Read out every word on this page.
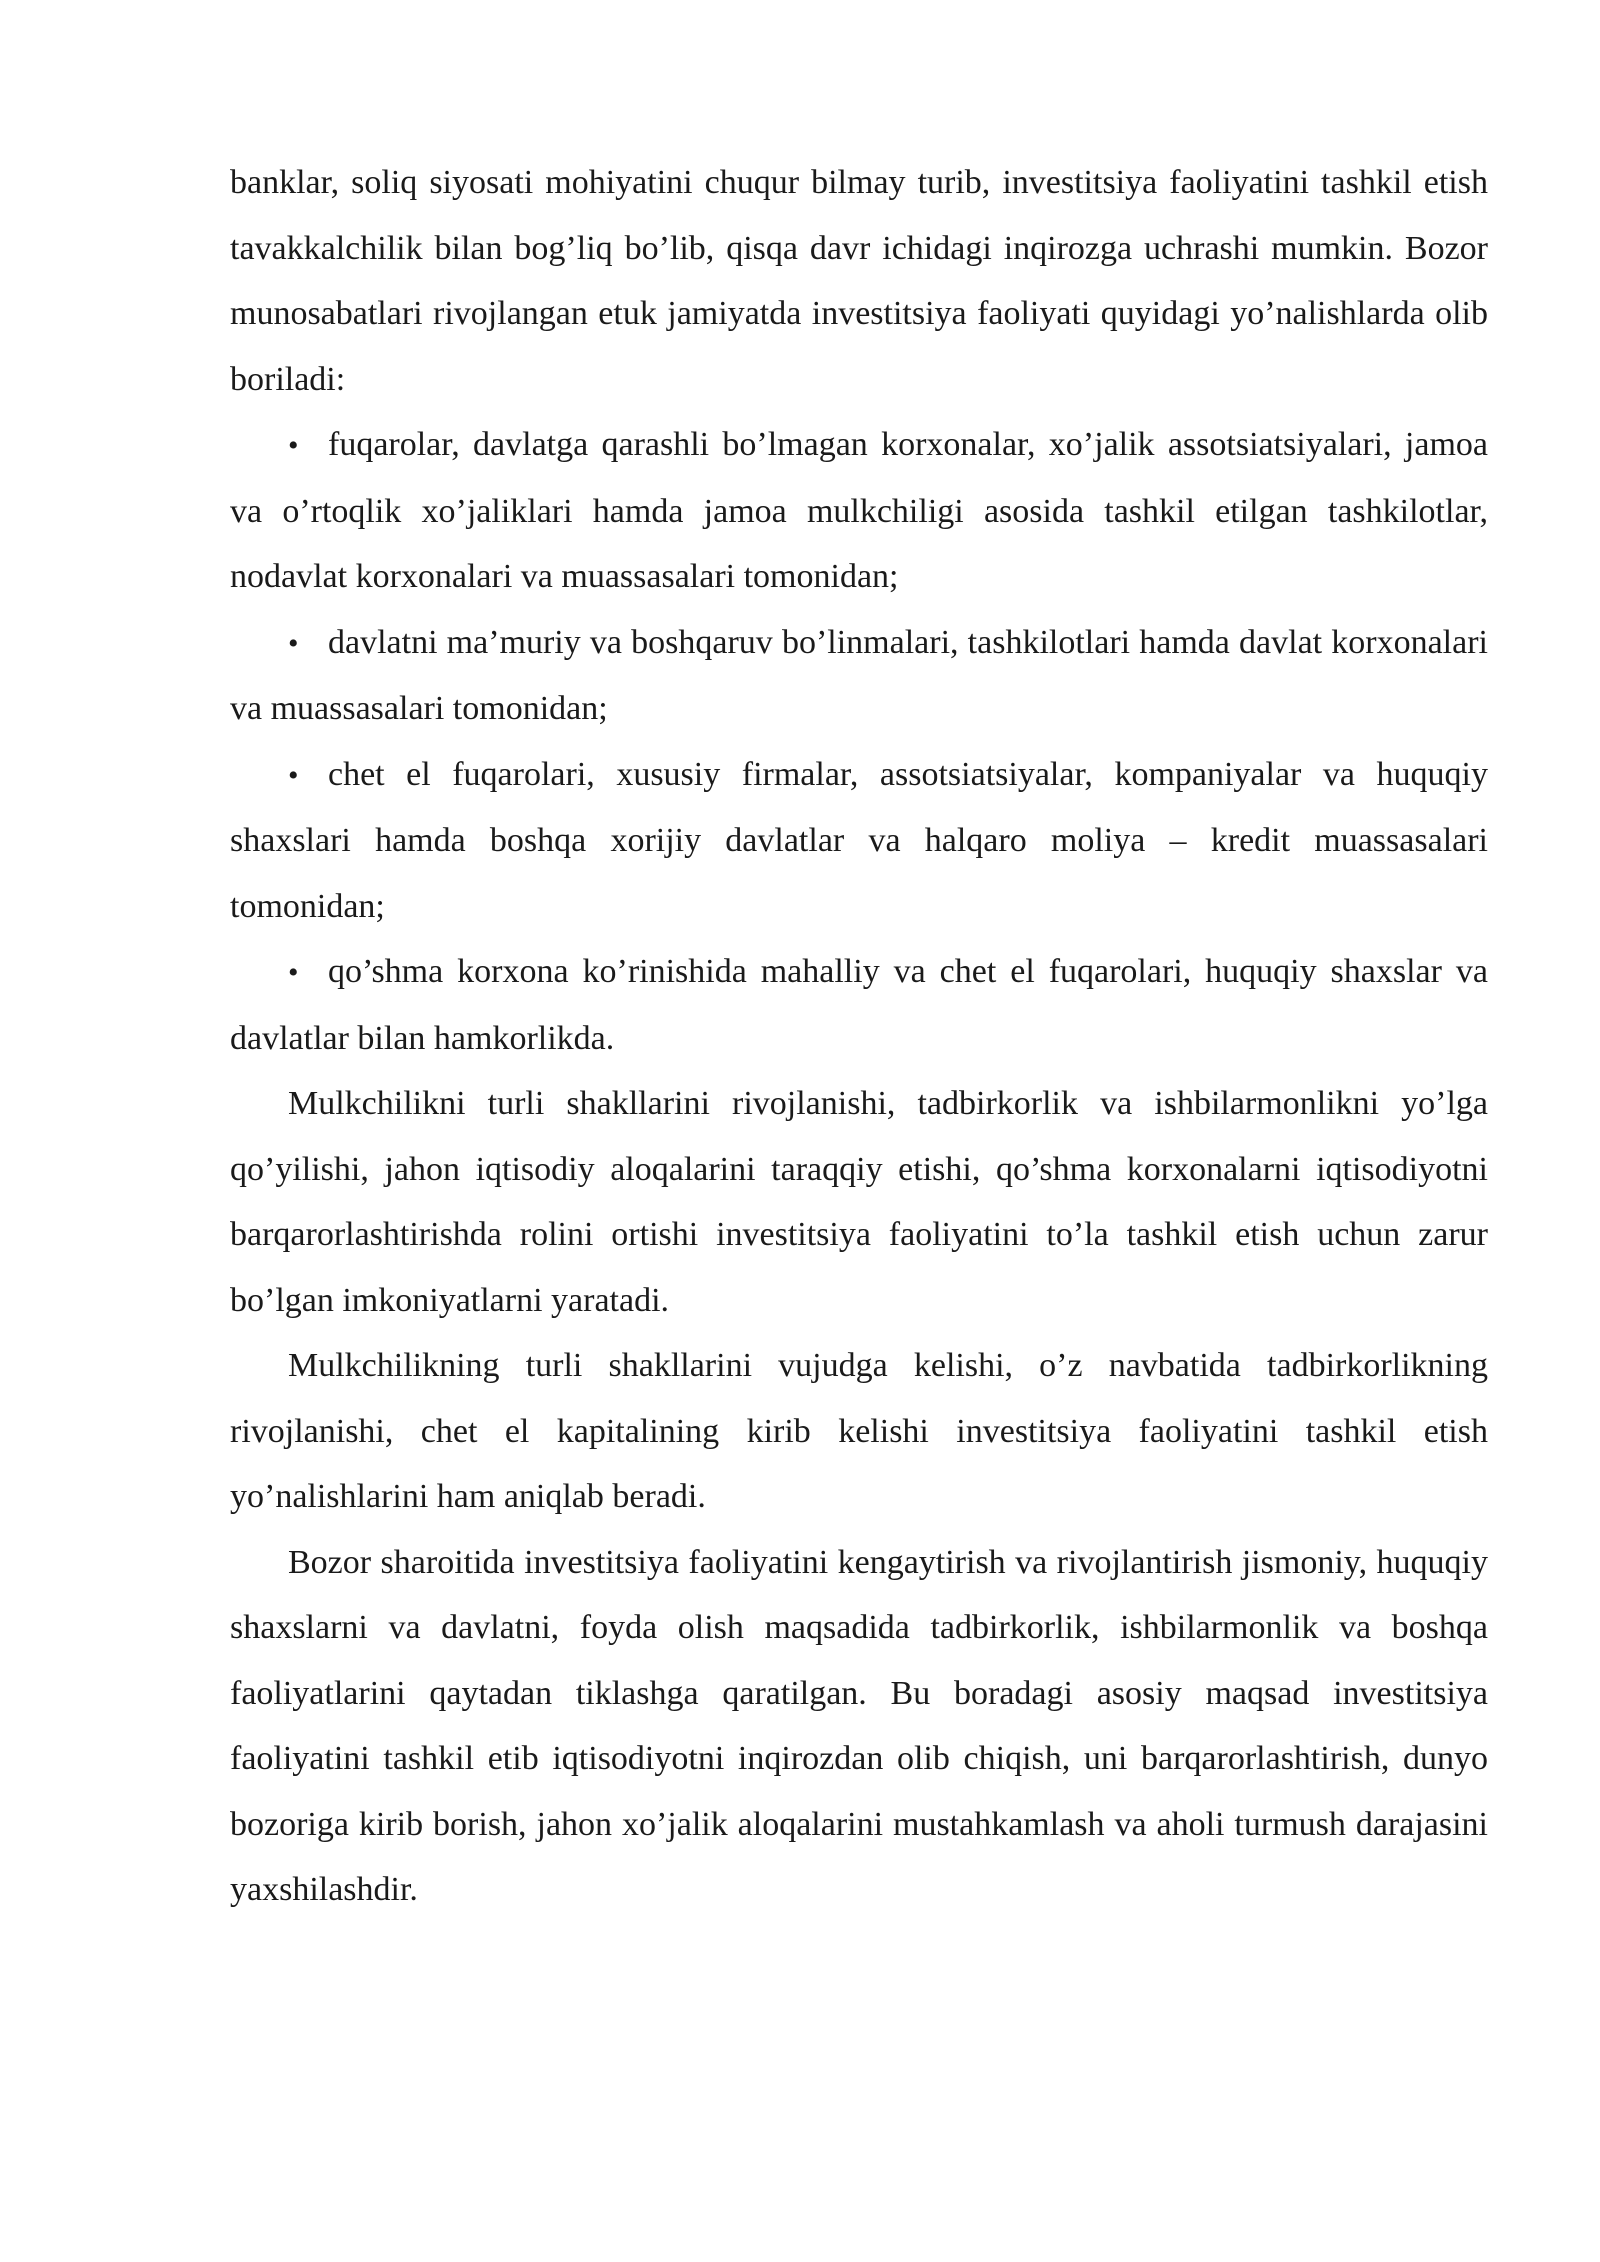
banklar, soliq siyosati mohiyatini chuqur bilmay turib, investitsiya faoliyatini tashkil etish tavakkalchilik bilan bog’liq bo’lib, qisqa davr ichidagi inqirozga uchrashi mumkin. Bozor munosabatlari rivojlangan etuk jamiyatda investitsiya faoliyati quyidagi yo’nalishlarda olib boriladi:

• fuqarolar, davlatga qarashli bo’lmagan korxonalar, xo’jalik assotsiatsiyalari, jamoa va o’rtoqlik xo’jaliklari hamda jamoa mulkchiligi asosida tashkil etilgan tashkilotlar, nodavlat korxonalari va muassasalari tomonidan;

• davlatni ma’muriy va boshqaruv bo’linmalari, tashkilotlari hamda davlat korxonalari va muassasalari tomonidan;

• chet el fuqarolari, xususiy firmalar, assotsiatsiyalar, kompaniyalar va huquqiy shaxslari hamda boshqa xorijiy davlatlar va halqaro moliya – kredit muassasalari tomonidan;

• qo’shma korxona ko’rinishida mahalliy va chet el fuqarolari, huquqiy shaxslar va davlatlar bilan hamkorlikda.

Mulkchilikni turli shakllarini rivojlanishi, tadbirkorlik va ishbilarmonlikni yo’lga qo’yilishi, jahon iqtisodiy aloqalarini taraqqiy etishi, qo’shma korxonalarni iqtisodiyotni barqarorlashtirishda rolini ortishi investitsiya faoliyatini to’la tashkil etish uchun zarur bo’lgan imkoniyatlarni yaratadi.

Mulkchilikning turli shakllarini vujudga kelishi, o’z navbatida tadbirkorlikning rivojlanishi, chet el kapitalining kirib kelishi investitsiya faoliyatini tashkil etish yo’nalishlarini ham aniqlab beradi.

Bozor sharoitida investitsiya faoliyatini kengaytirish va rivojlantirish jismoniy, huquqiy shaxslarni va davlatni, foyda olish maqsadida tadbirkorlik, ishbilarmonlik va boshqa faoliyatlarini qaytadan tiklashga qaratilgan. Bu boradagi asosiy maqsad investitsiya faoliyatini tashkil etib iqtisodiyotni inqirozdan olib chiqish, uni barqarorlashtirish, dunyo bozoriga kirib borish, jahon xo’jalik aloqalarini mustahkamlash va aholi turmush darajasini yaxshilashdir.
